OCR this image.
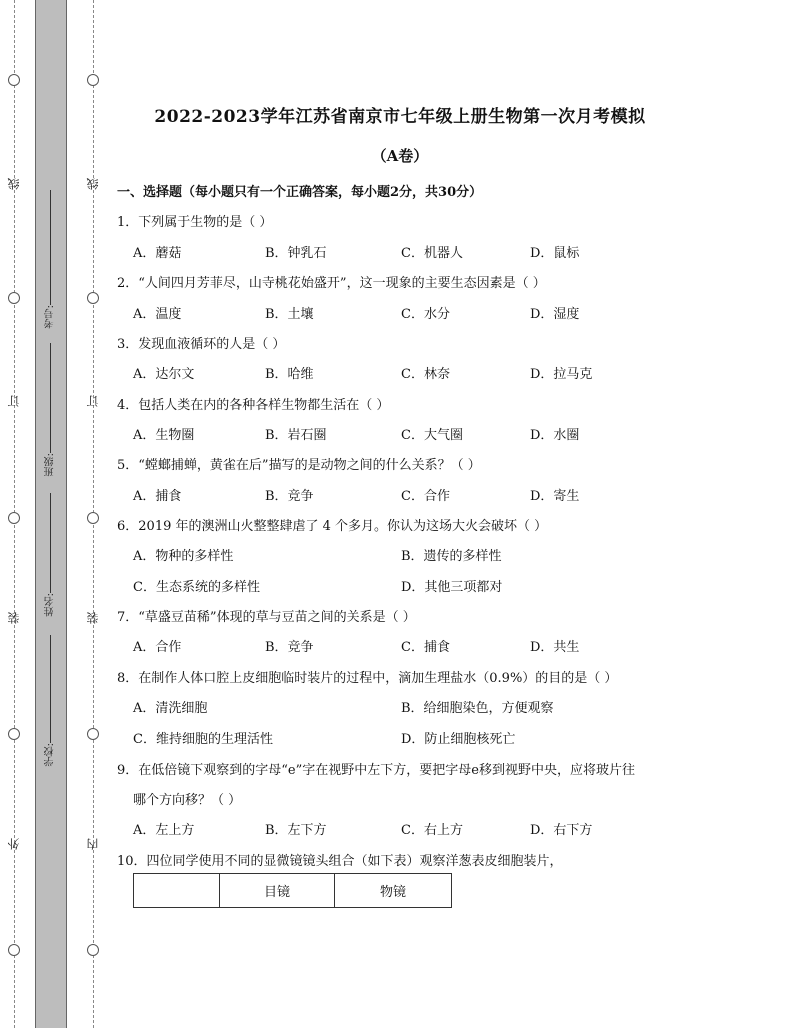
线
订
装
外
线
订
装
内
考号:
班级:
姓名:
学校:
2022-2023学年江苏省南京市七年级上册生物第一次月考模拟
（A卷）
一、选择题（每小题只有一个正确答案，每小题2分，共30分）
1．下列属于生物的是（ ）
A．蘑菇	B．钟乳石	C．机器人	D．鼠标
2．“人间四月芳菲尽，山寺桃花始盛开”，这一现象的主要生态因素是（ ）
A．温度	B．土壤	C．水分	D．湿度
3．发现血液循环的人是（ ）
A．达尔文	B．哈维	C．林奈	D．拉马克
4．包括人类在内的各种各样生物都生活在（ ）
A．生物圈	B．岩石圈	C．大气圈	D．水圈
5．“螳螂捕蝉，黄雀在后”描写的是动物之间的什么关系？（ ）
A．捕食	B．竞争	C．合作	D．寄生
6．2019 年的澳洲山火整整肆虐了 4 个多月。你认为这场大火会破坏（ ）
A．物种的多样性	B．遗传的多样性
C．生态系统的多样性	D．其他三项都对
7．“草盛豆苗稀”体现的草与豆苗之间的关系是（ ）
A．合作	B．竞争	C．捕食	D．共生
8．在制作人体口腔上皮细胞临时装片的过程中，滴加生理盐水（0.9%）的目的是（ ）
A．清洗细胞	B．给细胞染色，方便观察
C．维持细胞的生理活性	D．防止细胞核死亡
9．在低倍镜下观察到的字母“e”字在视野中左下方，要把字母e移到视野中央，应将玻片往
哪个方向移？（ ）
A．左上方	B．左下方	C．右上方	D．右下方
10．四位同学使用不同的显微镜镜头组合（如下表）观察洋葱表皮细胞装片，
	目镜	物镜
